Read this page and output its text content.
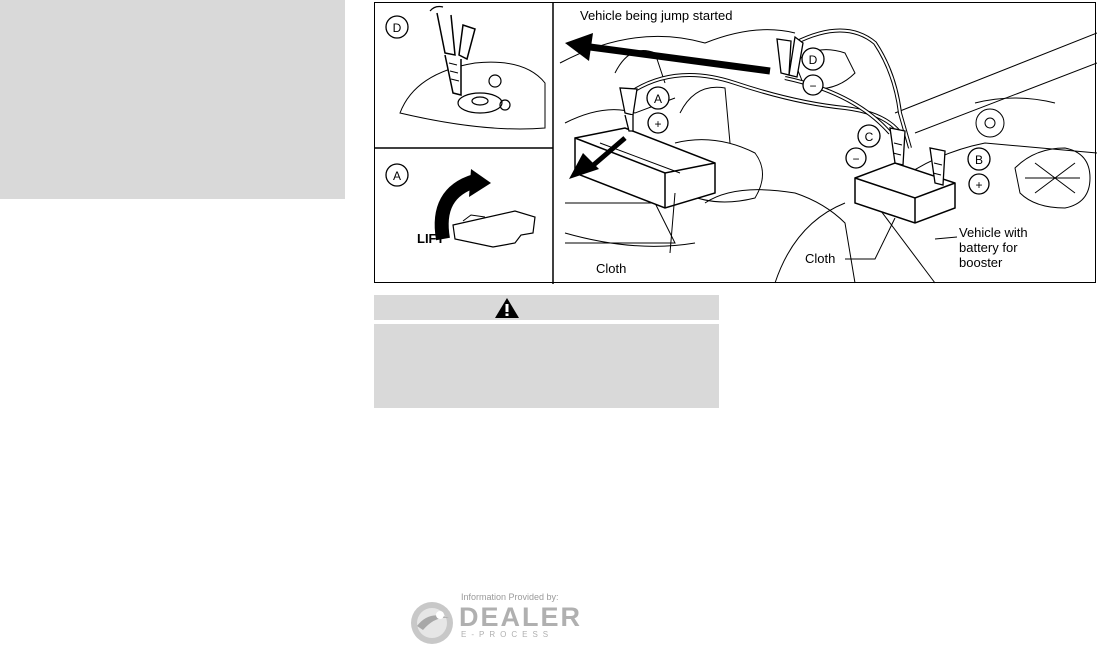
D
A
A
+
D
−
C
−	B
+
LIFT
Vehicle being jump started
Cloth
Cloth
Vehicle with
battery for
booster
Information Provided by:
DEALER
E-PROCESS
